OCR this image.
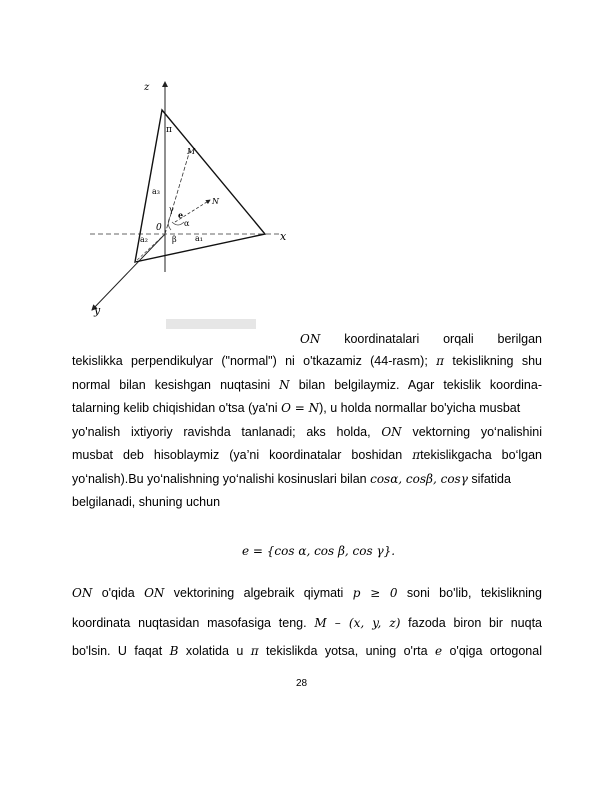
z
x
y
π
M
N
0
a₃
a₂	a₁
α
β
γ
e
ON koordinatalari orqali berilgan
tekislikka perpendikulyar ("normal") ni o'tkazamiz (44-rasm); π tekislikning shu
normal bilan kesishgan nuqtasini N bilan belgilaymiz. Agar tekislik koordina-
talarning kelib chiqishidan o'tsa (ya'ni O = N), u holda normallar bo'yicha musbat
yo'nalish ixtiyoriy ravishda tanlanadi; aks holda, ON vektorning yo‘nalishini
musbat deb hisoblaymiz (ya’ni koordinatalar boshidan πtekislikgacha bo‘lgan
yo‘nalish).Bu yo‘nalishning yo‘nalishi kosinuslari bilan cosα, cosβ, cosγ sifatida
belgilanadi, shuning uchun
e = {cos α, cos β, cos γ}.
ON o'qida ON vektorining algebraik qiymati p ≥ 0 soni bo'lib, tekislikning
koordinata nuqtasidan masofasiga teng. M – (x, y, z) fazoda biron bir nuqta
bo'lsin. U faqat B xolatida u π tekislikda yotsa, uning o'rta e o'qiga ortogonal
28
